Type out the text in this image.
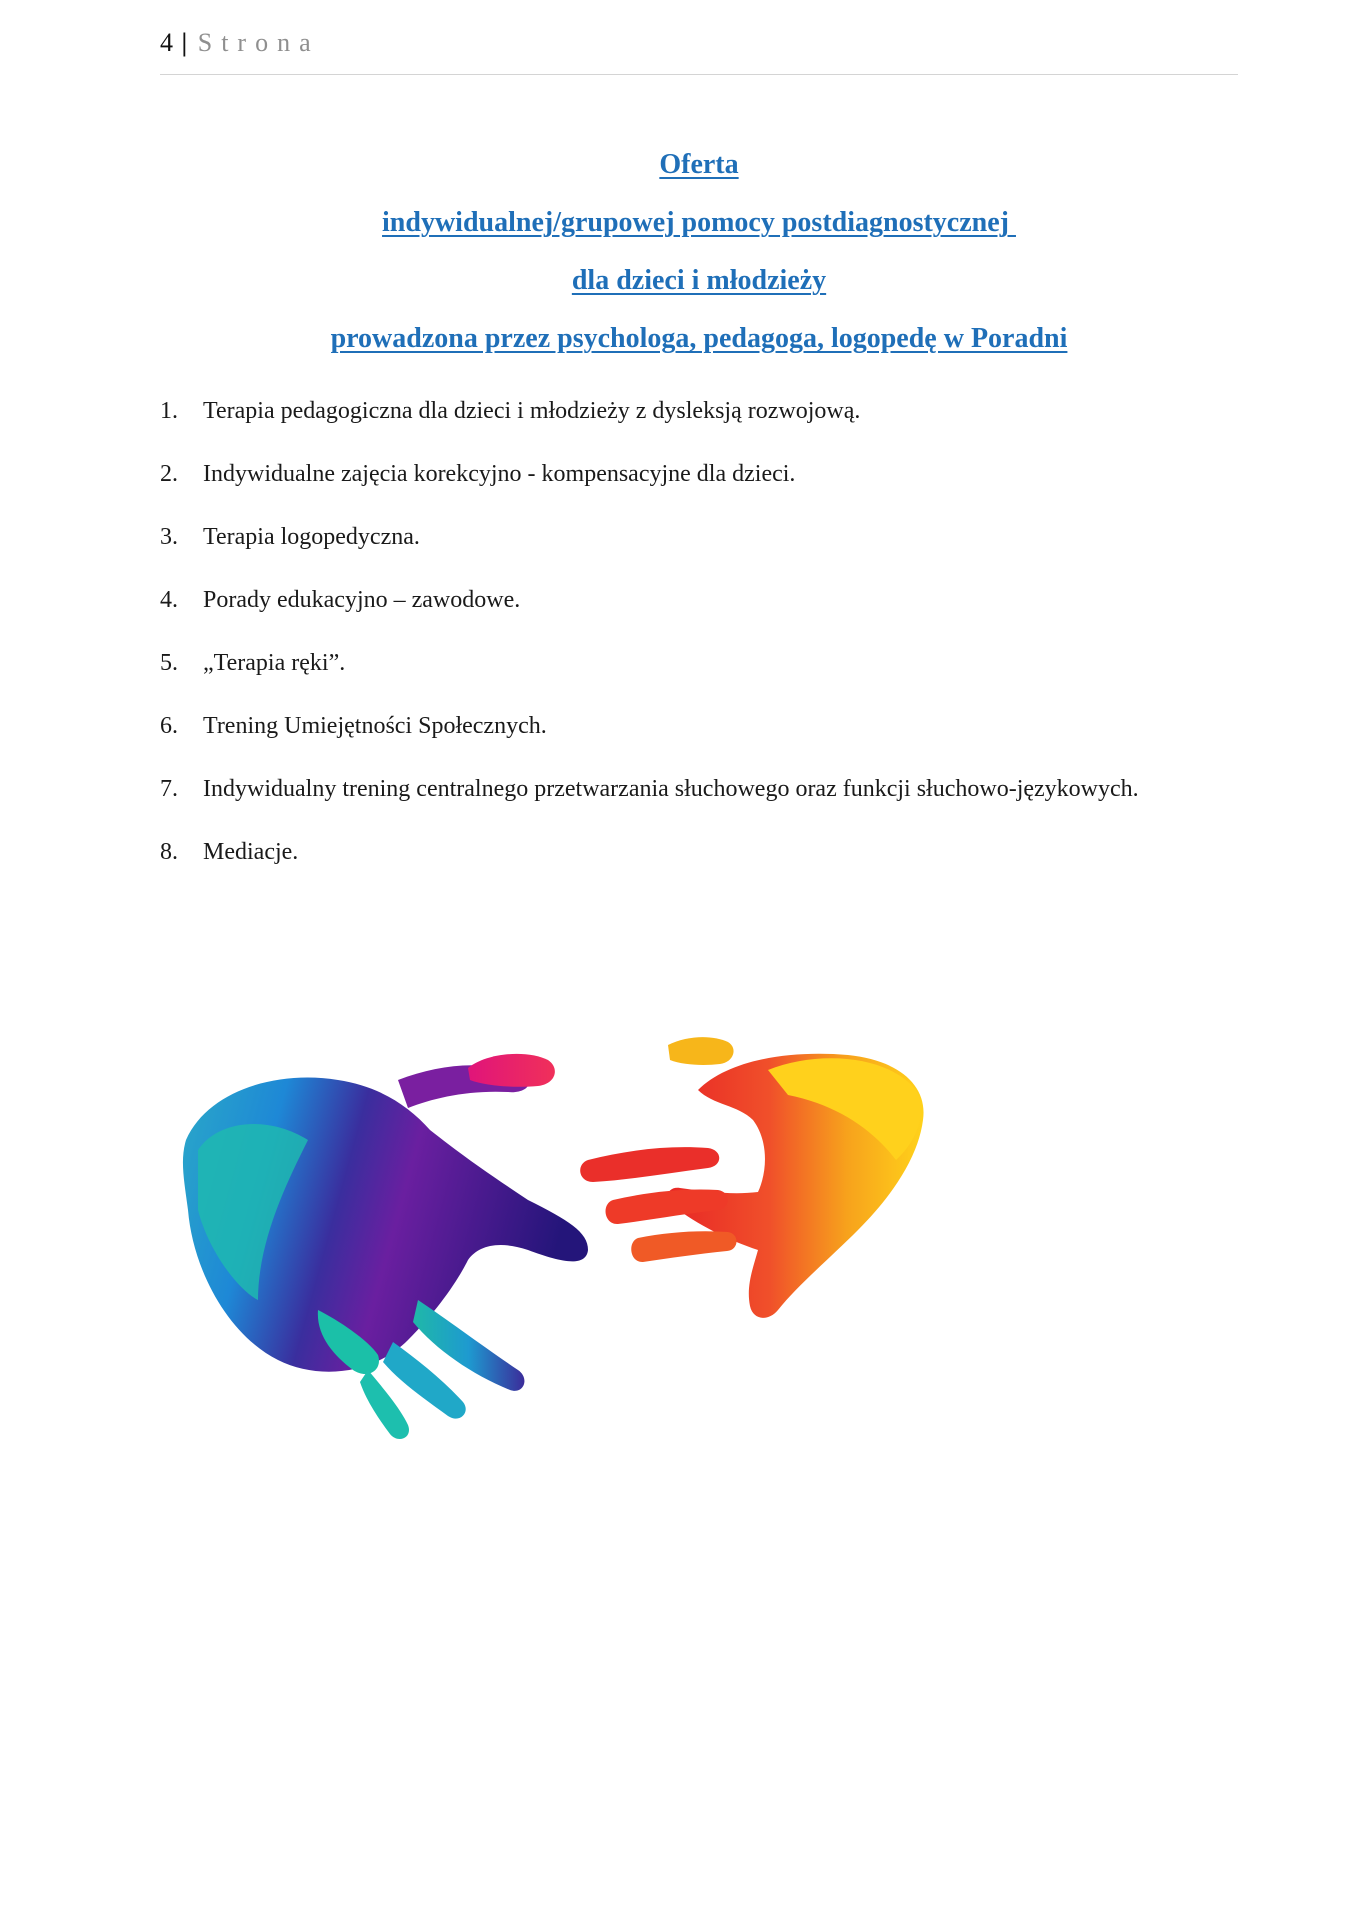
4 | Strona
Oferta
indywidualnej/grupowej pomocy postdiagnostycznej
dla dzieci i młodzieży
prowadzona przez psychologa, pedagoga, logopedę w Poradni
1.	Terapia pedagogiczna dla dzieci i młodzieży z dysleksją rozwojową.
2.	Indywidualne zajęcia korekcyjno - kompensacyjne dla dzieci.
3.	Terapia logopedyczna.
4.	Porady edukacyjno – zawodowe.
5.	„Terapia ręki”.
6.	Trening Umiejętności Społecznych.
7.	Indywidualny trening centralnego przetwarzania słuchowego oraz funkcji słuchowo-językowych.
8.	Mediacje.
